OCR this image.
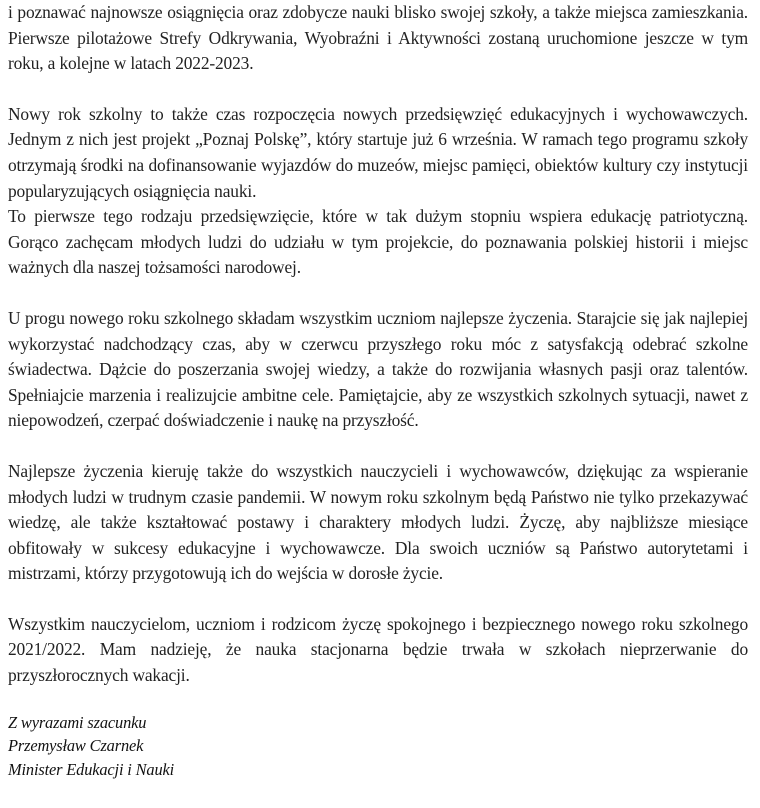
i poznawać najnowsze osiągnięcia oraz zdobycze nauki blisko swojej szkoły, a także miejsca zamieszkania. Pierwsze pilotażowe Strefy Odkrywania, Wyobraźni i Aktywności zostaną uruchomione jeszcze w tym roku, a kolejne w latach 2022-2023.

Nowy rok szkolny to także czas rozpoczęcia nowych przedsięwzięć edukacyjnych i wychowawczych. Jednym z nich jest projekt „Poznaj Polskę”, który startuje już 6 września. W ramach tego programu szkoły otrzymają środki na dofinansowanie wyjazdów do muzeów, miejsc pamięci, obiektów kultury czy instytucji popularyzujących osiągnięcia nauki.

To pierwsze tego rodzaju przedsięwzięcie, które w tak dużym stopniu wspiera edukację patriotyczną. Gorąco zachęcam młodych ludzi do udziału w tym projekcie, do poznawania polskiej historii i miejsc ważnych dla naszej tożsamości narodowej.

U progu nowego roku szkolnego składam wszystkim uczniom najlepsze życzenia. Starajcie się jak najlepiej wykorzystać nadchodzący czas, aby w czerwcu przyszłego roku móc z satysfakcją odebrać szkolne świadectwa. Dążcie do poszerzania swojej wiedzy, a także do rozwijania własnych pasji oraz talentów. Spełniajcie marzenia i realizujcie ambitne cele. Pamiętajcie, aby ze wszystkich szkolnych sytuacji, nawet z niepowodzeń, czerpać doświadczenie i naukę na przyszłość.

Najlepsze życzenia kieruję także do wszystkich nauczycieli i wychowawców, dziękując za wspieranie młodych ludzi w trudnym czasie pandemii. W nowym roku szkolnym będą Państwo nie tylko przekazywać wiedzę, ale także kształtować postawy i charaktery młodych ludzi. Życzę, aby najbliższe miesiące obfitowały w sukcesy edukacyjne i wychowawcze. Dla swoich uczniów są Państwo autorytetami i mistrzami, którzy przygotowują ich do wejścia w dorosłe życie.

Wszystkim nauczycielom, uczniom i rodzicom życzę spokojnego i bezpiecznego nowego roku szkolnego 2021/2022. Mam nadzieję, że nauka stacjonarna będzie trwała w szkołach nieprzerwanie do przyszłorocznych wakacji.

Z wyrazami szacunku
Przemysław Czarnek
Minister Edukacji i Nauki
